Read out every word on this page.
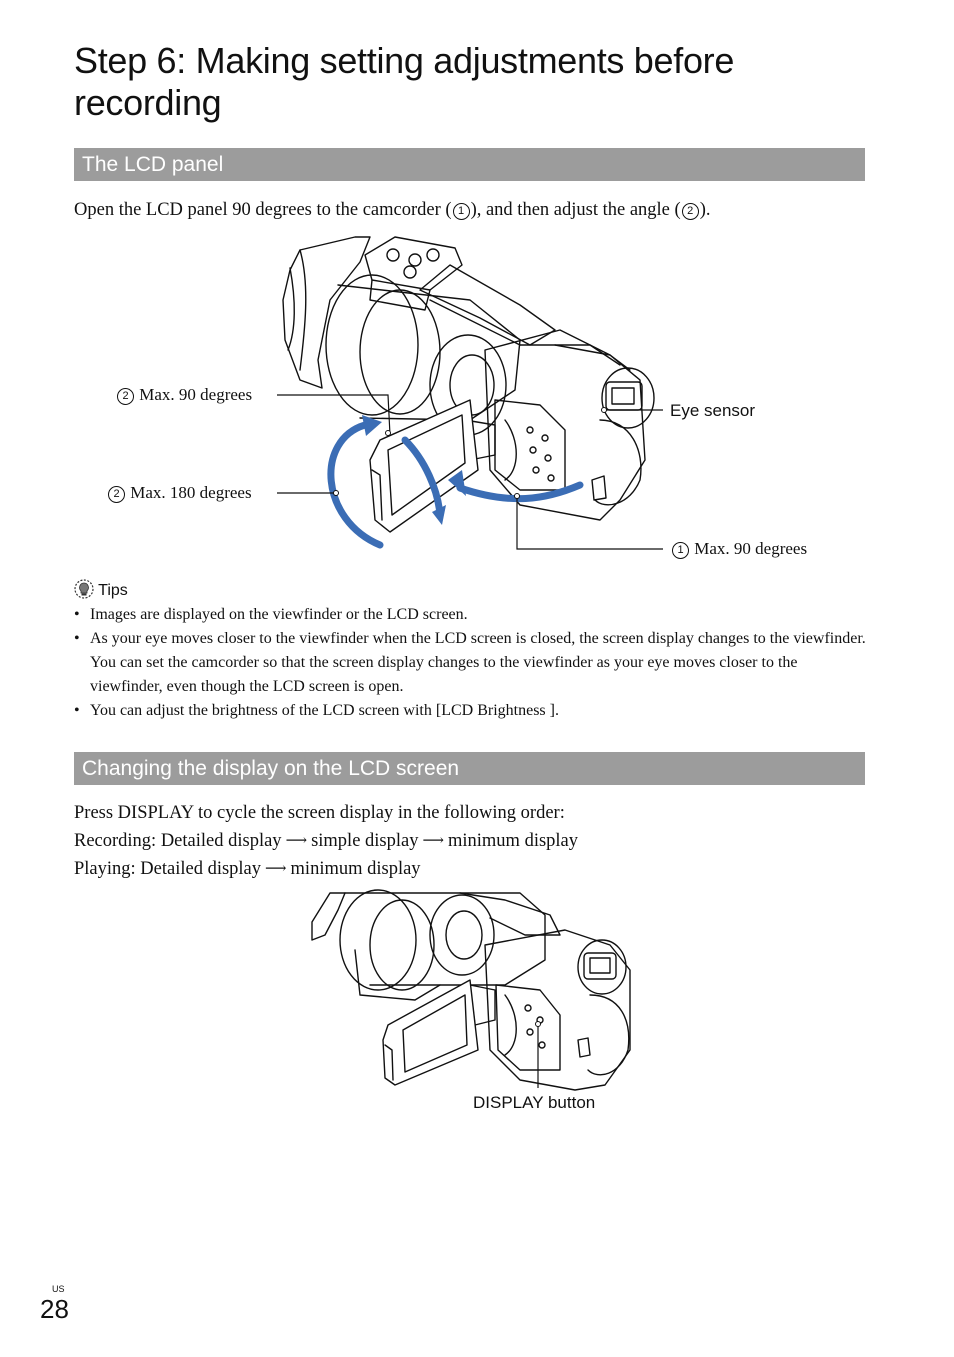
Step 6: Making setting adjustments before recording
The LCD panel
Open the LCD panel 90 degrees to the camcorder ( 1 ), and then adjust the angle ( 2 ).
2 Max. 90 degrees
2 Max. 180 degrees
Eye sensor
1 Max. 90 degrees
Tips
• Images are displayed on the viewfinder or the LCD screen.
• As your eye moves closer to the viewfinder when the LCD screen is closed, the screen display changes to the viewfinder. You can set the camcorder so that the screen display changes to the viewfinder as your eye moves closer to the viewfinder, even though the LCD screen is open.
• You can adjust the brightness of the LCD screen with [LCD Brightness ].
Changing the display on the LCD screen
Press DISPLAY to cycle the screen display in the following order:
Recording: Detailed display ⟶ simple display ⟶ minimum display
Playing: Detailed display ⟶ minimum display
DISPLAY button
US
28
